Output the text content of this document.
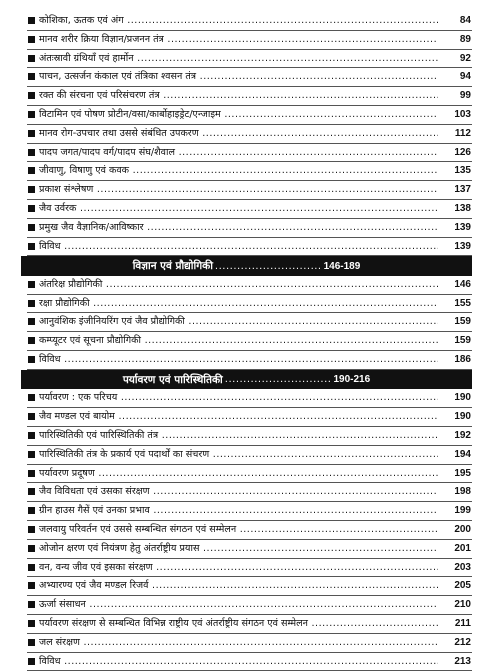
कोशिका, ऊतक एवं अंग .....	84
मानव शरीर क्रिया विज्ञान/प्रजनन तंत्र .....	89
अंतःस्रावी ग्रंथियाँ एवं हार्मोन .....	92
पाचन, उत्सर्जन कंकाल एवं तंत्रिका श्वसन तंत्र .....	94
रक्त की संरचना एवं परिसंचरण तंत्र .....	99
विटामिन एवं पोषण प्रोटीन/वसा/कार्बोहाइड्रेट/एन्जाइम .....	103
मानव रोग-उपचार तथा उससे संबंधित उपकरण .....	112
पादप जगत/पादप वर्ग/पादप संघ/शैवाल .....	126
जीवाणु, विषाणु एवं कवक .....	135
प्रकाश संश्लेषण .....	137
जैव उर्वरक .....	138
प्रमुख जैव वैज्ञानिक/आविष्कार .....	139
विविध .....	139
विज्ञान एवं प्रौद्योगिकी ............................. 146-189
अंतरिक्ष प्रौद्योगिकी .....	146
रक्षा प्रौद्योगिकी .....	155
आनुवंशिक इंजीनियरिंग एवं जैव प्रौद्योगिकी .....	159
कम्प्यूटर एवं सूचना प्रौद्योगिकी .....	159
विविध .....	186
पर्यावरण एवं पारिस्थितिकी ............................. 190-216
पर्यावरण : एक परिचय .....	190
जैव मण्डल एवं बायोम .....	190
पारिस्थितिकी एवं पारिस्थितिकी तंत्र .....	192
पारिस्थितिकी तंत्र के प्रकार्य एवं पदार्थों का संचरण .....	194
पर्यावरण प्रदूषण .....	195
जैव विविधता एवं उसका संरक्षण .....	198
ग्रीन हाउस गैसें एवं उनका प्रभाव .....	199
जलवायु परिवर्तन एवं उससे सम्बन्धित संगठन एवं सम्मेलन .....	200
ओजोन क्षरण एवं नियंत्रण हेतु अंतर्राष्ट्रीय प्रयास .....	201
वन, वन्य जीव एवं इसका संरक्षण .....	203
अभ्यारण्य एवं जैव मण्डल रिजर्व .....	205
ऊर्जा संसाधन .....	210
पर्यावरण संरक्षण से सम्बन्धित विभिन्न राष्ट्रीय एवं अंतर्राष्ट्रीय संगठन एवं सम्मेलन .....	211
जल संरक्षण .....	212
विविध .....	213
